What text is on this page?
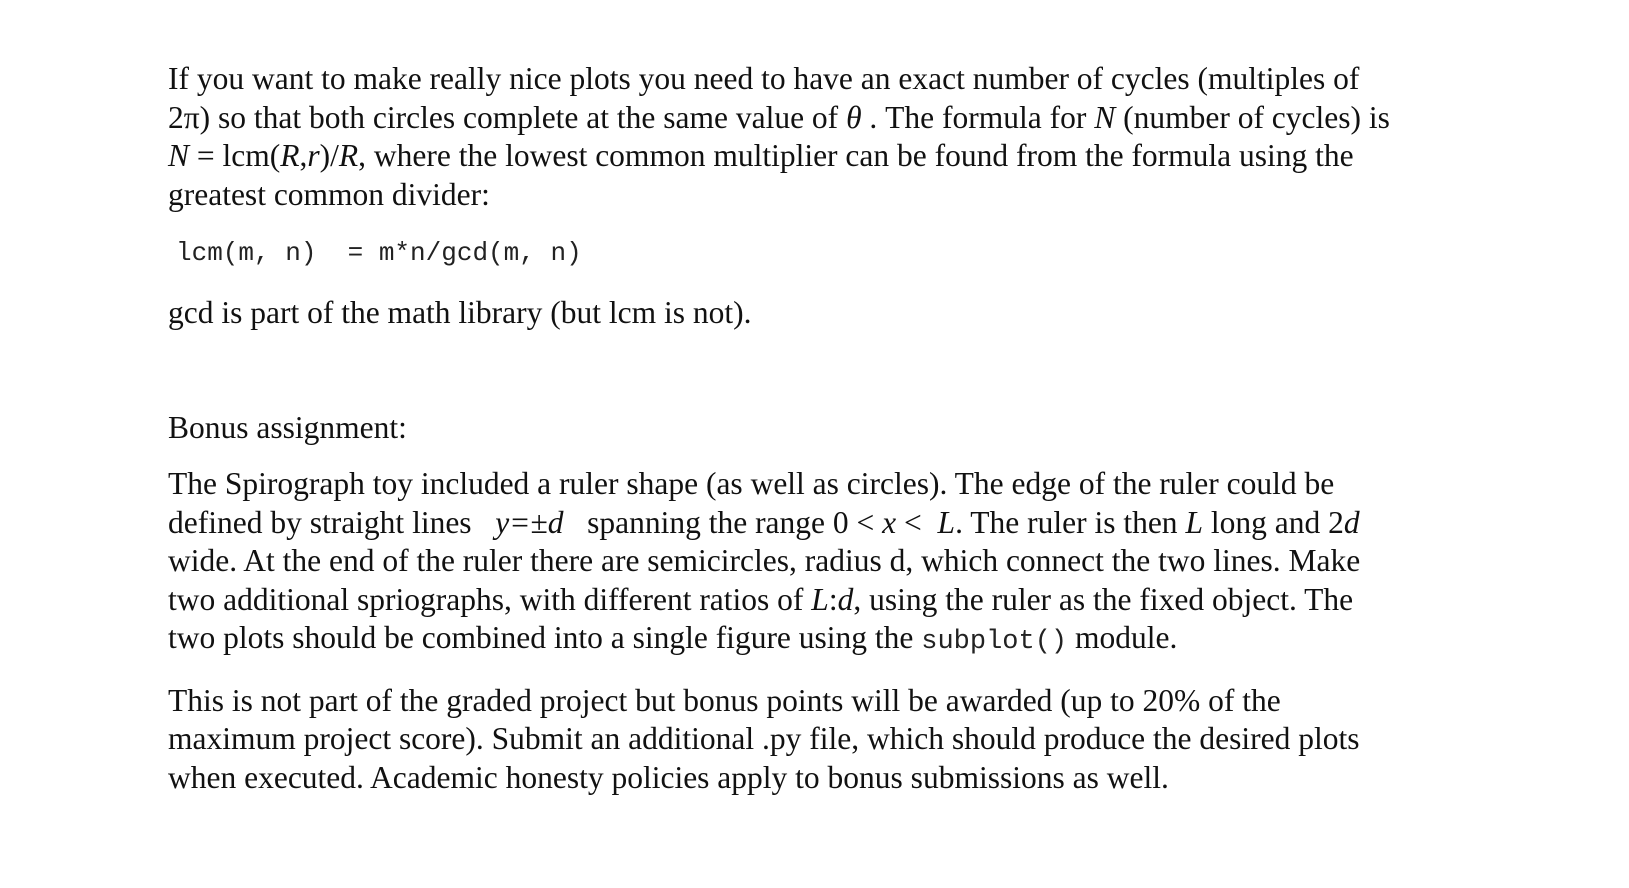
If you want to make really nice plots you need to have an exact number of cycles (multiples of
2π) so that both circles complete at the same value of θ . The formula for N (number of cycles) is
N = lcm(R,r)/R, where the lowest common multiplier can be found from the formula using the
greatest common divider:

lcm(m, n)  = m*n/gcd(m, n)

gcd is part of the math library (but lcm is not).

Bonus assignment:

The Spirograph toy included a ruler shape (as well as circles). The edge of the ruler could be
defined by straight lines   y=±d   spanning the range 0 < x <  L. The ruler is then L long and 2d
wide. At the end of the ruler there are semicircles, radius d, which connect the two lines. Make
two additional spriographs, with different ratios of L:d, using the ruler as the fixed object. The
two plots should be combined into a single figure using the subplot() module.

This is not part of the graded project but bonus points will be awarded (up to 20% of the
maximum project score). Submit an additional .py file, which should produce the desired plots
when executed. Academic honesty policies apply to bonus submissions as well.
